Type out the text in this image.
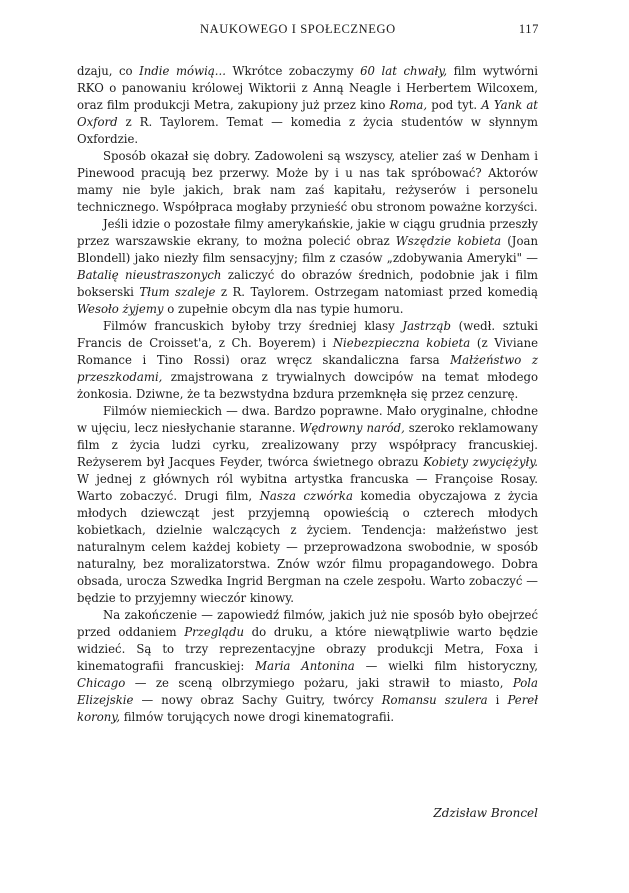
NAUKOWEGO I SPOŁECZNEGO	117

dzaju, co Indie mówią... Wkrótce zobaczymy 60 lat chwały, film wytwórni RKO o panowaniu królowej Wiktorii z Anną Neagle i Herbertem Wilcoxem, oraz film produkcji Metra, zakupiony już przez kino Roma, pod tyt. A Yank at Oxford z R. Taylorem. Temat — komedia z życia studentów w słynnym Oxfordzie.

Sposób okazał się dobry. Zadowoleni są wszyscy, atelier zaś w Denham i Pinewood pracują bez przerwy. Może by i u nas tak spróbować? Aktorów mamy nie byle jakich, brak nam zaś kapitału, reżyserów i personelu technicznego. Współpraca mogłaby przynieść obu stronom poważne korzyści.

Jeśli idzie o pozostałe filmy amerykańskie, jakie w ciągu grudnia przeszły przez warszawskie ekrany, to można polecić obraz Wszędzie kobieta (Joan Blondell) jako niezły film sensacyjny; film z czasów „zdobywania Ameryki" — Batalię nieustraszonych zaliczyć do obrazów średnich, podobnie jak i film bokserski Tłum szaleje z R. Taylorem. Ostrzegam natomiast przed komedią Wesoło żyjemy o zupełnie obcym dla nas typie humoru.

Filmów francuskich byłoby trzy średniej klasy Jastrząb (wedł. sztuki Francis de Croisset'a, z Ch. Boyerem) i Niebezpieczna kobieta (z Viviane Romance i Tino Rossi) oraz wręcz skandaliczna farsa Małżeństwo z przeszkodami, zmajstrowana z trywialnych dowcipów na temat młodego żonkosia. Dziwne, że ta bezwstydna bzdura przemknęła się przez cenzurę.

Filmów niemieckich — dwa. Bardzo poprawne. Mało oryginalne, chłodne w ujęciu, lecz niesłychanie staranne. Wędrowny naród, szeroko reklamowany film z życia ludzi cyrku, zrealizowany przy współpracy francuskiej. Reżyserem był Jacques Feyder, twórca świetnego obrazu Kobiety zwyciężyły. W jednej z głównych ról wybitna artystka francuska — Françoise Rosay. Warto zobaczyć. Drugi film, Nasza czwórka komedia obyczajowa z życia młodych dziewcząt jest przyjemną opowieścią o czterech młodych kobietkach, dzielnie walczących z życiem. Tendencja: małżeństwo jest naturalnym celem każdej kobiety — przeprowadzona swobodnie, w sposób naturalny, bez moralizatorstwa. Znów wzór filmu propagandowego. Dobra obsada, urocza Szwedka Ingrid Bergman na czele zespołu. Warto zobaczyć — będzie to przyjemny wieczór kinowy.

Na zakończenie — zapowiedź filmów, jakich już nie sposób było obejrzeć przed oddaniem Przeglądu do druku, a które niewątpliwie warto będzie widzieć. Są to trzy reprezentacyjne obrazy produkcji Metra, Foxa i kinematografii francuskiej: Maria Antonina — wielki film historyczny, Chicago — ze sceną olbrzymiego pożaru, jaki strawił to miasto, Pola Elizejskie — nowy obraz Sachy Guitry, twórcy Romansu szulera i Pereł korony, filmów torujących nowe drogi kinematografii.

Zdzisław Broncel
